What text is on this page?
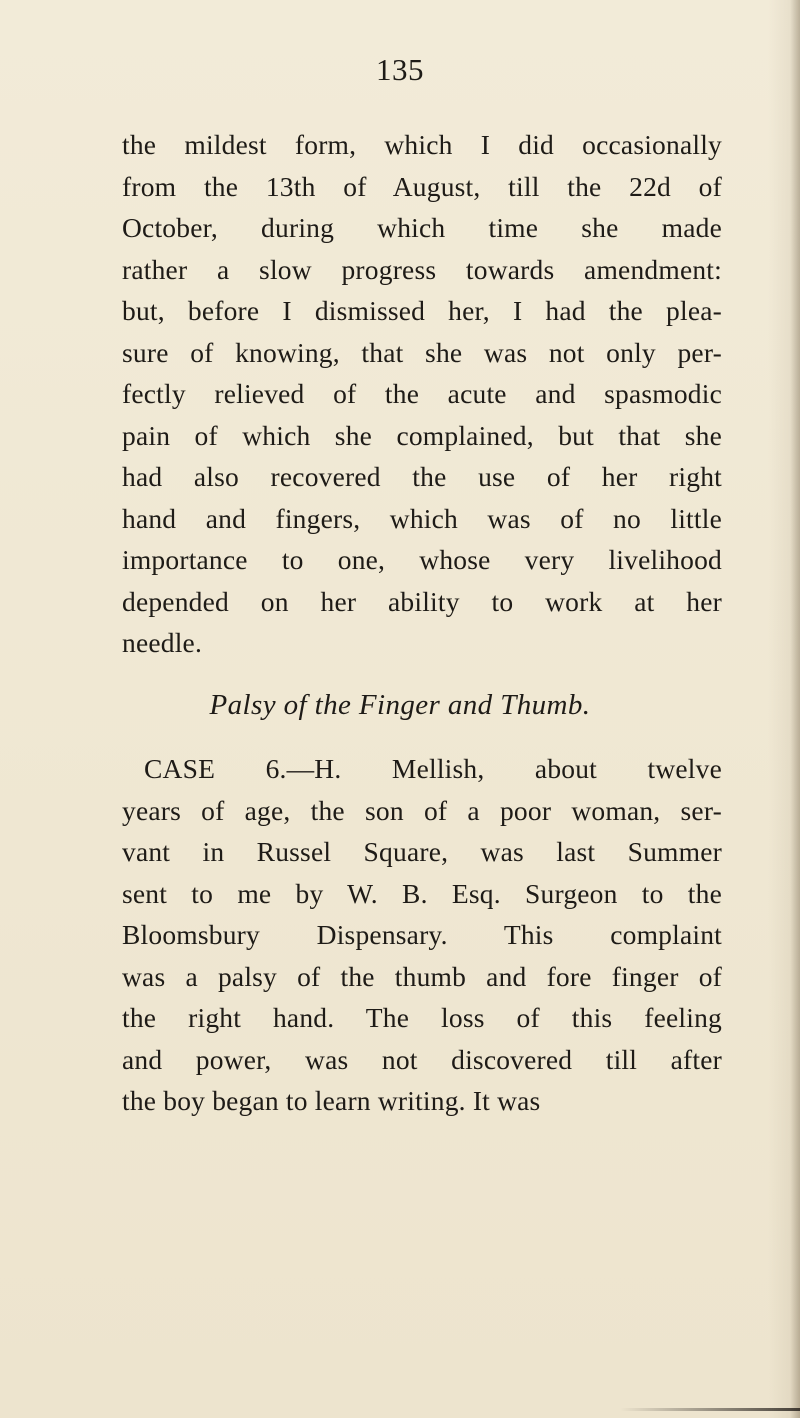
135
the mildest form, which I did occasionally
from the 13th of August, till the 22d of
October, during which time she made
rather a slow progress towards amendment:
but, before I dismissed her, I had the plea-
sure of knowing, that she was not only per-
fectly relieved of the acute and spasmodic
pain of which she complained, but that she
had also recovered the use of her right
hand and fingers, which was of no little
importance to one, whose very livelihood
depended on her ability to work at her
needle.
Palsy of the Finger and Thumb.
CASE 6.—H. Mellish, about twelve
years of age, the son of a poor woman, ser-
vant in Russel Square, was last Summer
sent to me by W. B. Esq. Surgeon to the
Bloomsbury Dispensary. This complaint
was a palsy of the thumb and fore finger of
the right hand. The loss of this feeling
and power, was not discovered till after
the boy began to learn writing. It was
